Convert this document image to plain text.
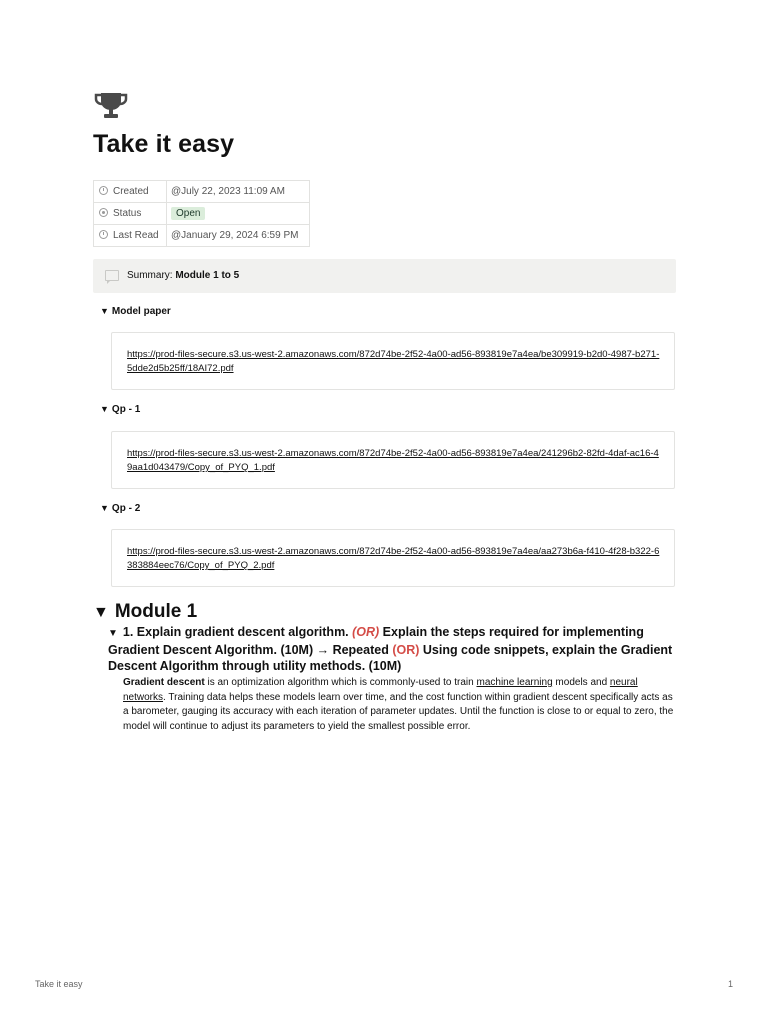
Take it easy
Created	@July 22, 2023 11:09 AM
Status	Open
Last Read	@January 29, 2024 6:59 PM
Summary: Module 1 to 5
▼ Model paper
https://prod-files-secure.s3.us-west-2.amazonaws.com/872d74be-2f52-4a00-ad56-893819e7a4ea/be309919-b2d0-4987-b271-5dde2d5b25ff/18AI72.pdf
▼ Qp - 1
https://prod-files-secure.s3.us-west-2.amazonaws.com/872d74be-2f52-4a00-ad56-893819e7a4ea/241296b2-82fd-4daf-ac16-49aa1d043479/Copy_of_PYQ_1.pdf
▼ Qp - 2
https://prod-files-secure.s3.us-west-2.amazonaws.com/872d74be-2f52-4a00-ad56-893819e7a4ea/aa273b6a-f410-4f28-b322-6383884eec76/Copy_of_PYQ_2.pdf
▼ Module 1
▼ 1. Explain gradient descent algorithm. (OR) Explain the steps required for implementing Gradient Descent Algorithm. (10M) → Repeated (OR) Using code snippets, explain the Gradient Descent Algorithm through utility methods. (10M)
Gradient descent is an optimization algorithm which is commonly-used to train machine learning models and neural networks. Training data helps these models learn over time, and the cost function within gradient descent specifically acts as a barometer, gauging its accuracy with each iteration of parameter updates. Until the function is close to or equal to zero, the model will continue to adjust its parameters to yield the smallest possible error.
Take it easy	1
